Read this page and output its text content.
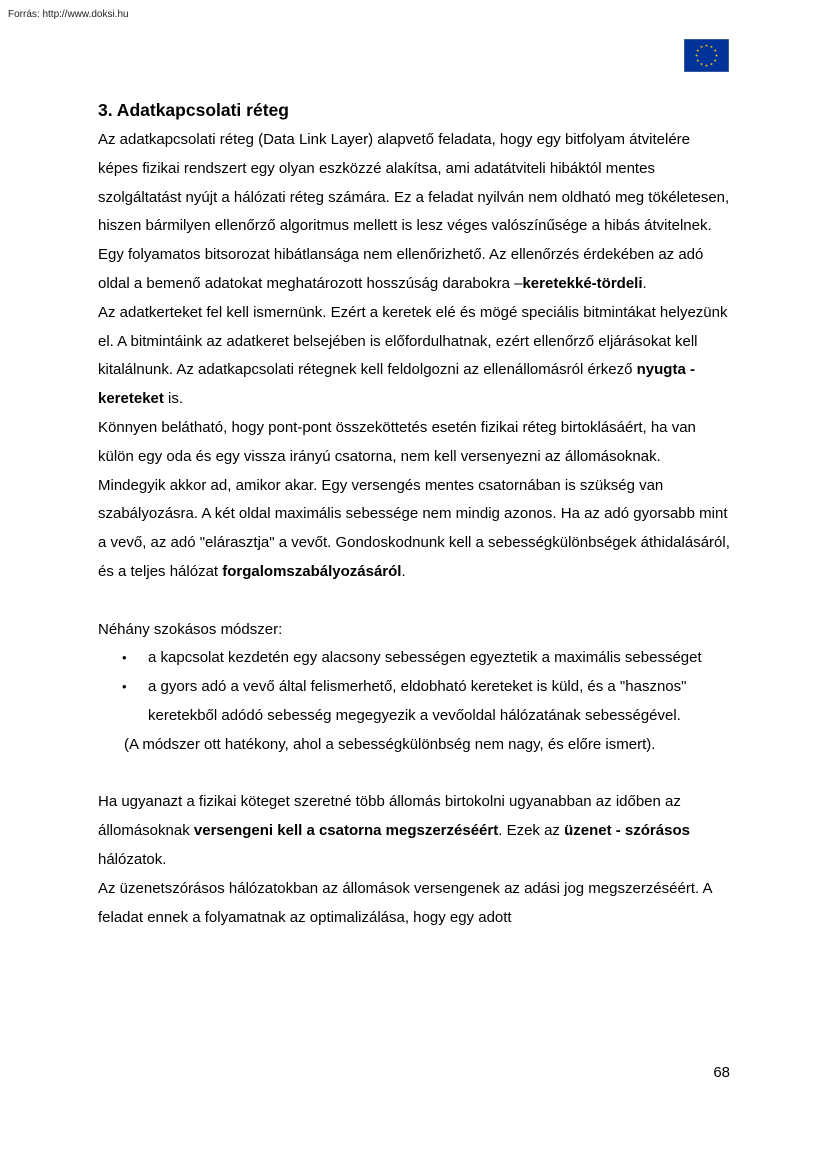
Forrás: http://www.doksi.hu
3. Adatkapcsolati réteg

Az adatkapcsolati réteg (Data Link Layer) alapvető feladata, hogy egy bitfolyam átvitelére képes fizikai rendszert egy olyan eszközzé alakítsa, ami adatátviteli hibáktól mentes szolgáltatást nyújt a hálózati réteg számára. Ez a feladat nyilván nem oldható meg tökéletesen, hiszen bármilyen ellenőrző algoritmus mellett is lesz véges valószínűsége a hibás átvitelnek.

Egy folyamatos bitsorozat hibátlansága nem ellenőrizhető. Az ellenőrzés érdekében az adó oldal a bemenő adatokat meghatározott hosszúság darabokra –keretekké-tördeli.

Az adatkerteket fel kell ismernünk. Ezért a keretek elé és mögé speciális bitmintákat helyezünk el. A bitmintáink az adatkeret belsejében is előfordulhatnak, ezért ellenőrző eljárásokat kell kitalálnunk. Az adatkapcsolati rétegnek kell feldolgozni az ellenállomásról érkező nyugta - kereteket is.

Könnyen belátható, hogy pont-pont összeköttetés esetén fizikai réteg birtoklásáért, ha van külön egy oda és egy vissza irányú csatorna, nem kell versenyezni az állomásoknak. Mindegyik akkor ad, amikor akar. Egy versengés mentes csatornában is szükség van szabályozásra. A két oldal maximális sebessége nem mindig azonos. Ha az adó gyorsabb mint a vevő, az adó "elárasztja" a vevőt. Gondoskodnunk kell a sebességkülönbségek áthidalásáról, és a teljes hálózat forgalomszabályozásáról.

Néhány szokásos módszer:

• a kapcsolat kezdetén egy alacsony sebességen egyeztetik a maximális sebességet
• a gyors adó a vevő által felismerhető, eldobható kereteket is küld, és a "hasznos" keretekből adódó sebesség megegyezik a vevőoldal hálózatának sebességével.

(A módszer ott hatékony, ahol a sebességkülönbség nem nagy, és előre ismert).

Ha ugyanazt a fizikai köteget szeretné több állomás birtokolni ugyanabban az időben az állomásoknak versengeni kell a csatorna megszerzéséért. Ezek az üzenet - szórásos hálózatok.

Az üzenetszórásos hálózatokban az állomások versengenek az adási jog megszerzéséért. A feladat ennek a folyamatnak az optimalizálása, hogy egy adott

68
